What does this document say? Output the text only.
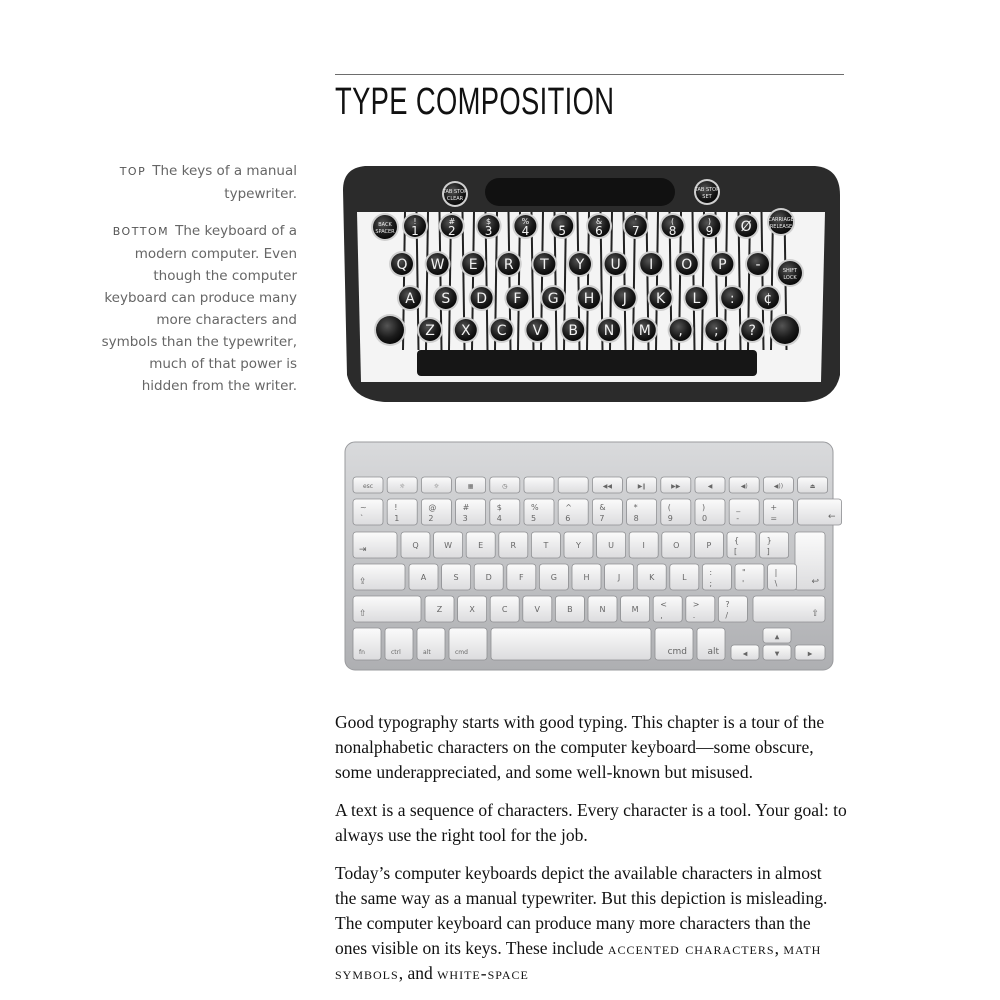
TYPE COMPOSITION

TOP The keys of a manual typewriter.

BOTTOM The keyboard of a modern computer. Even though the computer keyboard can produce many more characters and symbols than the typewriter, much of that power is hidden from the writer.

TAB STOP
CLEAR
TAB STOP
SET
BACK
SPACER
CARRIAGE
RELEASE
SHIFT
LOCK
!
1
#
2
$
3
%
4
_
5
&
6
'
7
(
8
)
9 Ø
Q W E R T Y U I O P -
A S D F G H J K L : ¢
Z X C V B N M , ; ?
esc	☼	☼	▦	◷	◀◀	▶ǁ	▶▶	◀	◀)	◀))	⏏
~
`
!
1
@
2
#
3
$
4
%
5
^
6
&
7
*
8
(
9
)
0
_
-
+
=	←
⇥	Q	W	E	R	T	Y	U	I	O	P
{
[
}
]
↩
⇪	A	S	D	F	G	H	J	K	L
:
;
"
'
|
\
⇧	Z	X	C	V	B	N	M
<
,
>
.
?
/	⇧
fn	ctrl	alt	cmd	cmd alt	◀
▲
▼	▶

Good typography starts with good typing. This chapter is a tour of the nonalphabetic characters on the computer keyboard—some obscure, some underappreciated, and some well-known but misused.

A text is a sequence of characters. Every character is a tool. Your goal: to always use the right tool for the job.

Today’s computer keyboards depict the available characters in almost the same way as a manual typewriter. But this depiction is misleading. The computer keyboard can produce many more characters than the ones visible on its keys. These include accented characters, math symbols, and white-space
